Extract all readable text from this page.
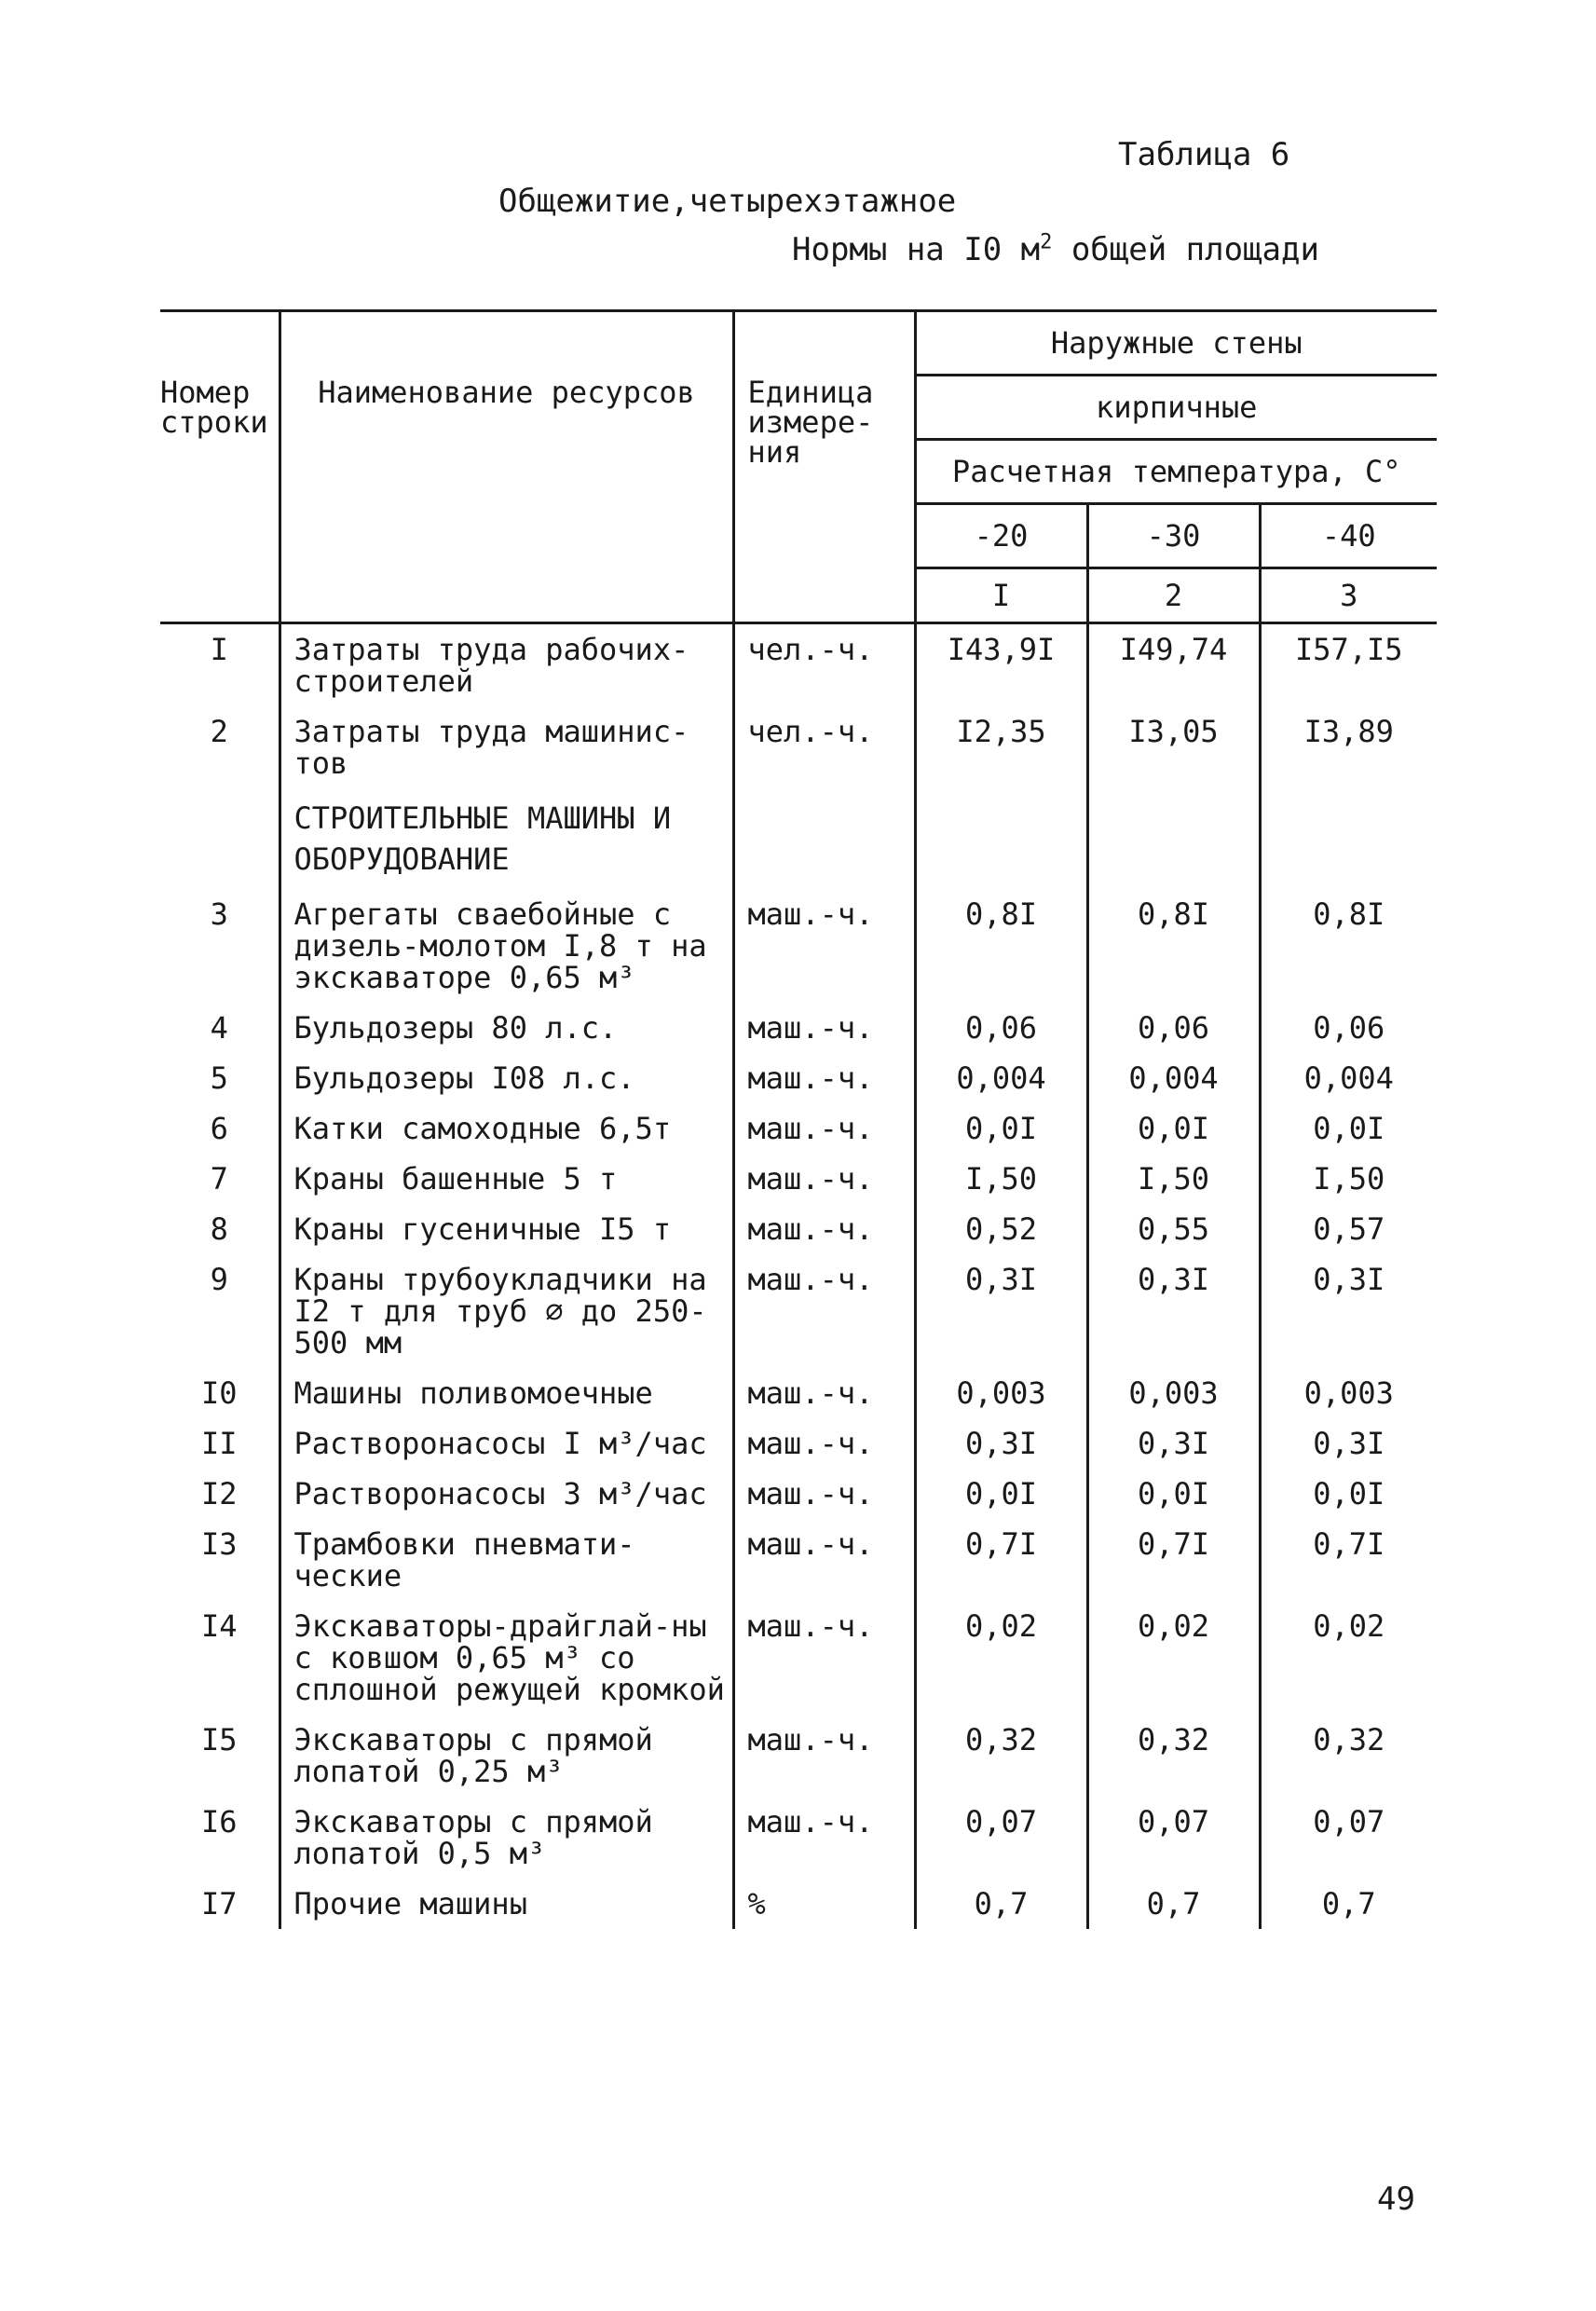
Таблица 6
Общежитие,четырехэтажное
Нормы на I0 $м^2$ общей площади
Номер строки	Наименование ресурсов	Единица измере-ния	Наружные стены		
			кирпичные		
			Расчетная температура, С°		
			-20	-30	-40
			I	2	3
I	Затраты труда рабочих-строителей	чел.-ч.	I43,9I	I49,74	I57,I5
2	Затраты труда машинис-тов	чел.-ч.	I2,35	I3,05	I3,89
	СТРОИТЕЛЬНЫЕ МАШИНЫ И ОБОРУДОВАНИЕ				
3	Агрегаты сваебойные с дизель-молотом I,8 т на экскаваторе 0,65 м³	маш.-ч.	0,8I	0,8I	0,8I
4	Бульдозеры 80 л.с.	маш.-ч.	0,06	0,06	0,06
5	Бульдозеры I08 л.с.	маш.-ч.	0,004	0,004	0,004
6	Катки самоходные 6,5т	маш.-ч.	0,0I	0,0I	0,0I
7	Краны башенные 5 т	маш.-ч.	I,50	I,50	I,50
8	Краны гусеничные I5 т	маш.-ч.	0,52	0,55	0,57
9	Краны трубоукладчики на I2 т для труб ∅ до 250-500 мм	маш.-ч.	0,3I	0,3I	0,3I
I0	Машины поливомоечные	маш.-ч.	0,003	0,003	0,003
II	Растворонасосы I м³/час	маш.-ч.	0,3I	0,3I	0,3I
I2	Растворонасосы 3 м³/час	маш.-ч.	0,0I	0,0I	0,0I
I3	Трамбовки пневмати-ческие	маш.-ч.	0,7I	0,7I	0,7I
I4	Экскаваторы-драйглай-ны с ковшом 0,65 м³ со сплошной режущей кромкой	маш.-ч.	0,02	0,02	0,02
I5	Экскаваторы с прямой лопатой 0,25 м³	маш.-ч.	0,32	0,32	0,32
I6	Экскаваторы с прямой лопатой 0,5 м³	маш.-ч.	0,07	0,07	0,07
I7	Прочие машины	%	0,7	0,7	0,7
49
